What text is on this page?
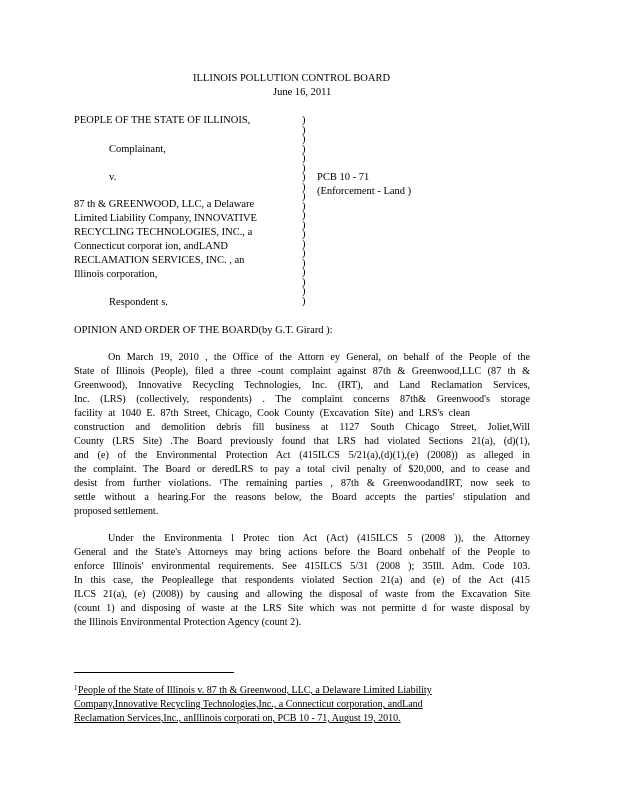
ILLINOIS POLLUTION CONTROL BOARD
June 16, 2011
PEOPLE OF THE STATE OF ILLINOIS,
Complainant,
v.
87 th & GREENWOOD, LLC, a Delaware
Limited Liability Company, INNOVATIVE
RECYCLING TECHNOLOGIES, INC., a
Connecticut corporat ion, andLAND
RECLAMATION SERVICES, INC. , an
Illinois corporation,
Respondent s.
)
)
)
)
)
)
)
)
)
)
)
)
)
)
)
)
)
)
)
)
PCB 10 - 71
(Enforcement - Land )
OPINION AND ORDER OF THE BOARD(by G.T. Girard ):
On March 19, 2010 , the Office of the Attorn ey General, on behalf of the People of the
State of Illinois (People), filed a three -count complaint against 87th & Greenwood,LLC (87 th &
Greenwood), Innovative Recycling Technologies, Inc. (IRT), and Land Reclamation Services,
Inc. (LRS) (collectively, respondents) . The complaint concerns 87th& Greenwood's storage
facility at 1040 E. 87th Street, Chicago, Cook County (Excavation Site) and LRS's clean
construction and demolition debris fill business at 1127 South Chicago Street, Joliet,Will
County (LRS Site) .The Board previously found that LRS had violated Sections 21(a), (d)(1),
and (e) of the Environmental Protection Act (415ILCS 5/21(a),(d)(1),(e) (2008)) as alleged in
the complaint. The Board or deredLRS to pay a total civil penalty of $20,000, and to cease and
desist from further violations. ¹The remaining parties , 87th & GreenwoodandIRT, now seek to
settle without a hearing.For the reasons below, the Board accepts the parties' stipulation and
proposed settlement.
Under the Environmenta l Protec tion Act (Act) (415ILCS 5 (2008 )), the Attorney
General and the State's Attorneys may bring actions before the Board onbehalf of the People to
enforce Illinois' environmental requirements. See 415ILCS 5/31 (2008 ); 35Ill. Adm. Code 103.
In this case, the Peopleallege that respondents violated Section 21(a) and (e) of the Act (415
ILCS 21(a), (e) (2008)) by causing and allowing the disposal of waste from the Excavation Site
(count 1) and disposing of waste at the LRS Site which was not permitte d for waste disposal by
the Illinois Environmental Protection Agency (count 2).
1 People of the State of Illinois v. 87 th & Greenwood, LLC, a Delaware Limited Liability
Company,Innovative Recycling Technologies,Inc., a Connecticut corporation, andLand
Reclamation Services,Inc., anIllinois corporati on, PCB 10 - 71, August 19, 2010.
